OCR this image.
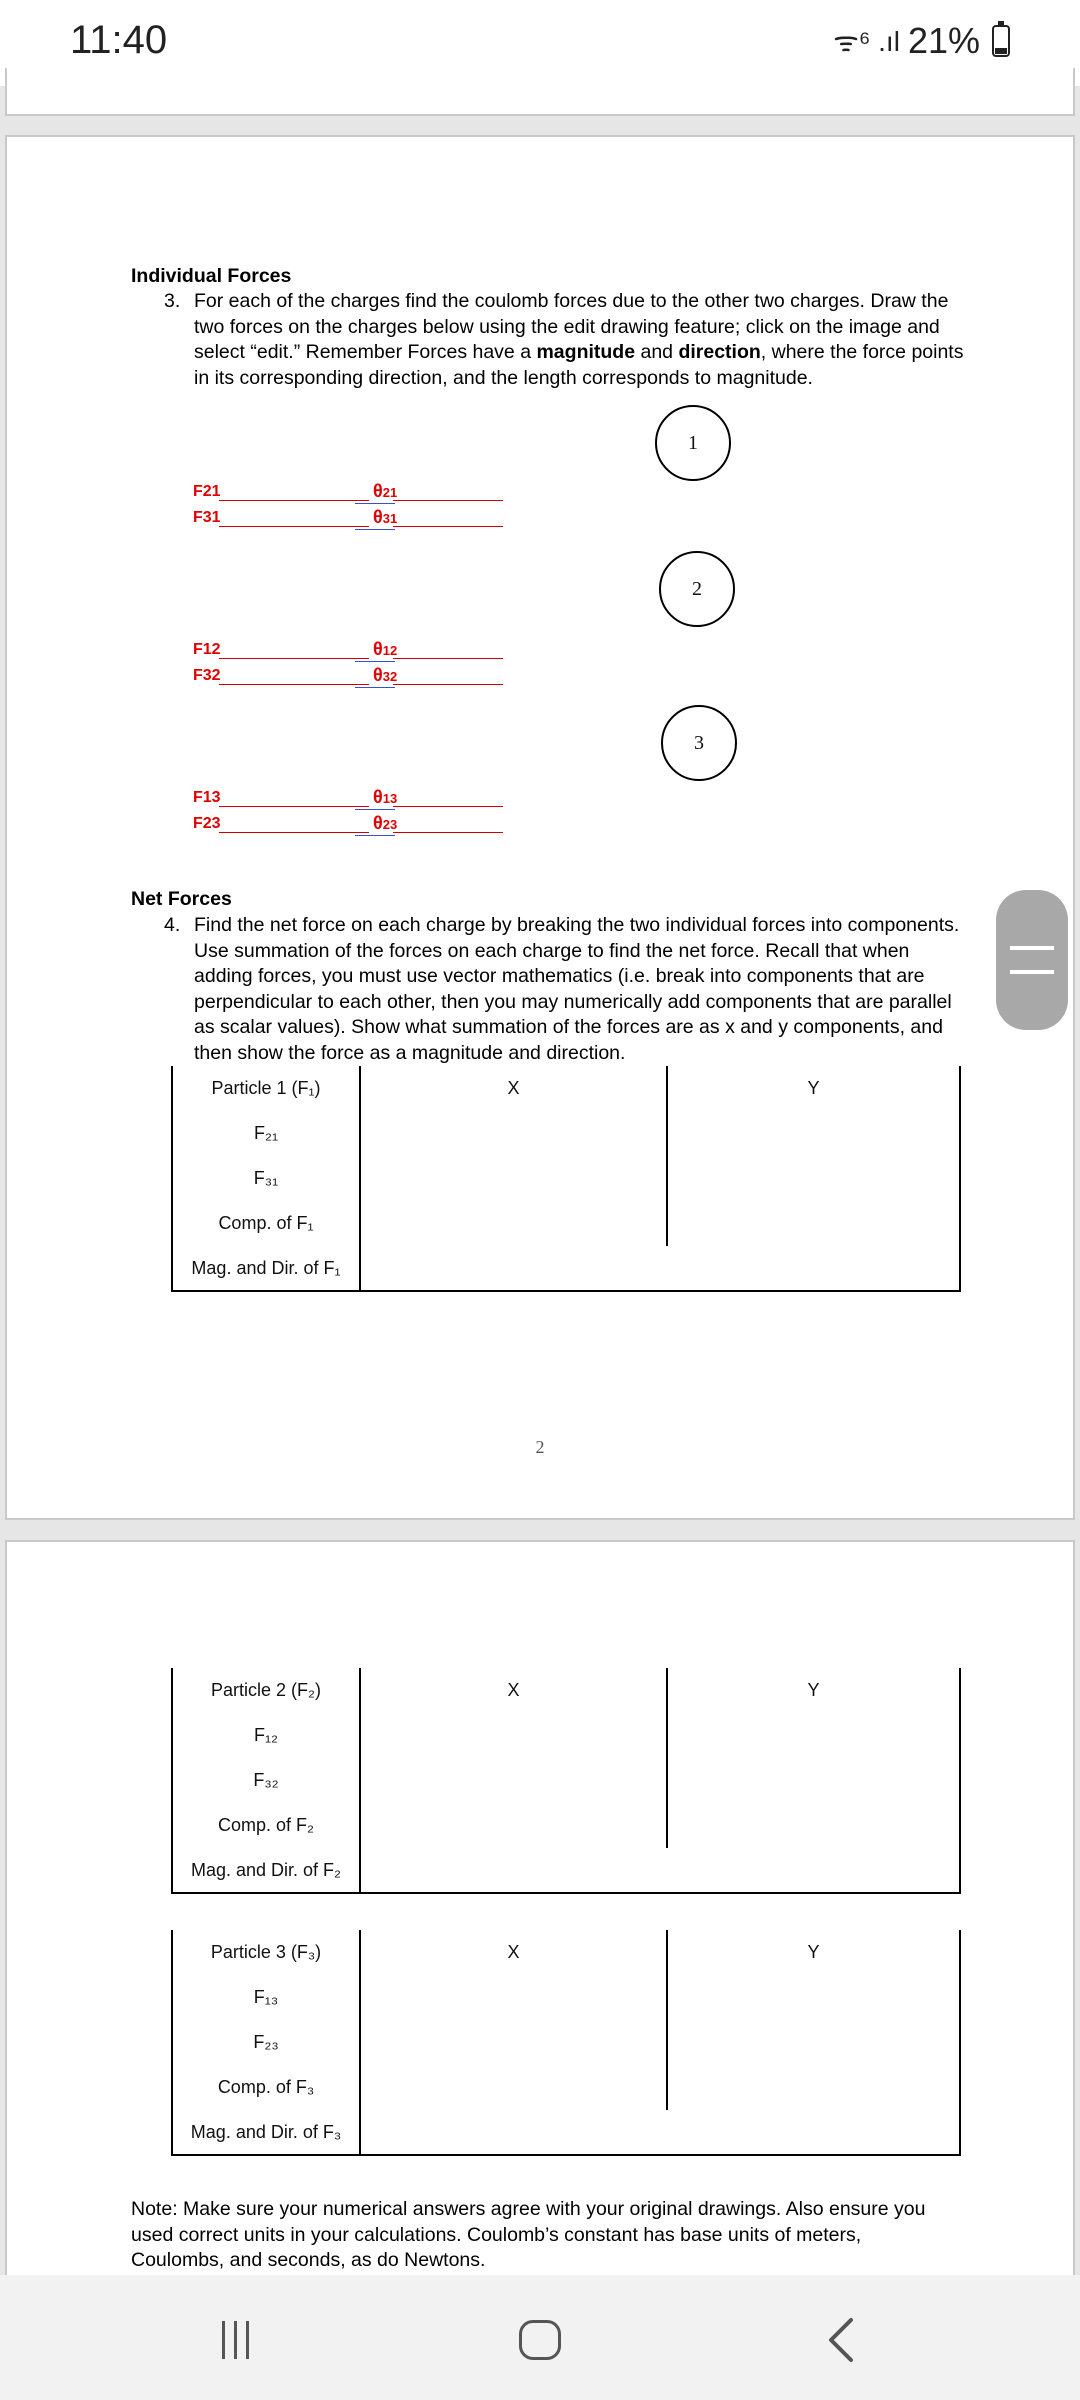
11:40	ᯤ⁶ .ıl 21%
Individual Forces
3. For each of the charges find the coulomb forces due to the other two charges. Draw the two forces on the charges below using the edit drawing feature; click on the image and select “edit.” Remember Forces have a magnitude and direction, where the force points in its corresponding direction, and the length corresponds to magnitude.
1
2
3
F21	θ21
F31	θ31
F12	θ12
F32	θ32
F13	θ13
F23	θ23
Net Forces
4. Find the net force on each charge by breaking the two individual forces into components. Use summation of the forces on each charge to find the net force. Recall that when adding forces, you must use vector mathematics (i.e. break into components that are perpendicular to each other, then you may numerically add components that are parallel as scalar values). Show what summation of the forces are as x and y components, and then show the force as a magnitude and direction.
Particle 1 (F₁)	X	Y
F₂₁		
F₃₁		
Comp. of F₁		
Mag. and Dir. of F₁		
2
Particle 2 (F₂)	X	Y
F₁₂		
F₃₂		
Comp. of F₂		
Mag. and Dir. of F₂		
Particle 3 (F₃)	X	Y
F₁₃		
F₂₃		
Comp. of F₃		
Mag. and Dir. of F₃		
Note: Make sure your numerical answers agree with your original drawings. Also ensure you used correct units in your calculations. Coulomb’s constant has base units of meters, Coulombs, and seconds, as do Newtons.
